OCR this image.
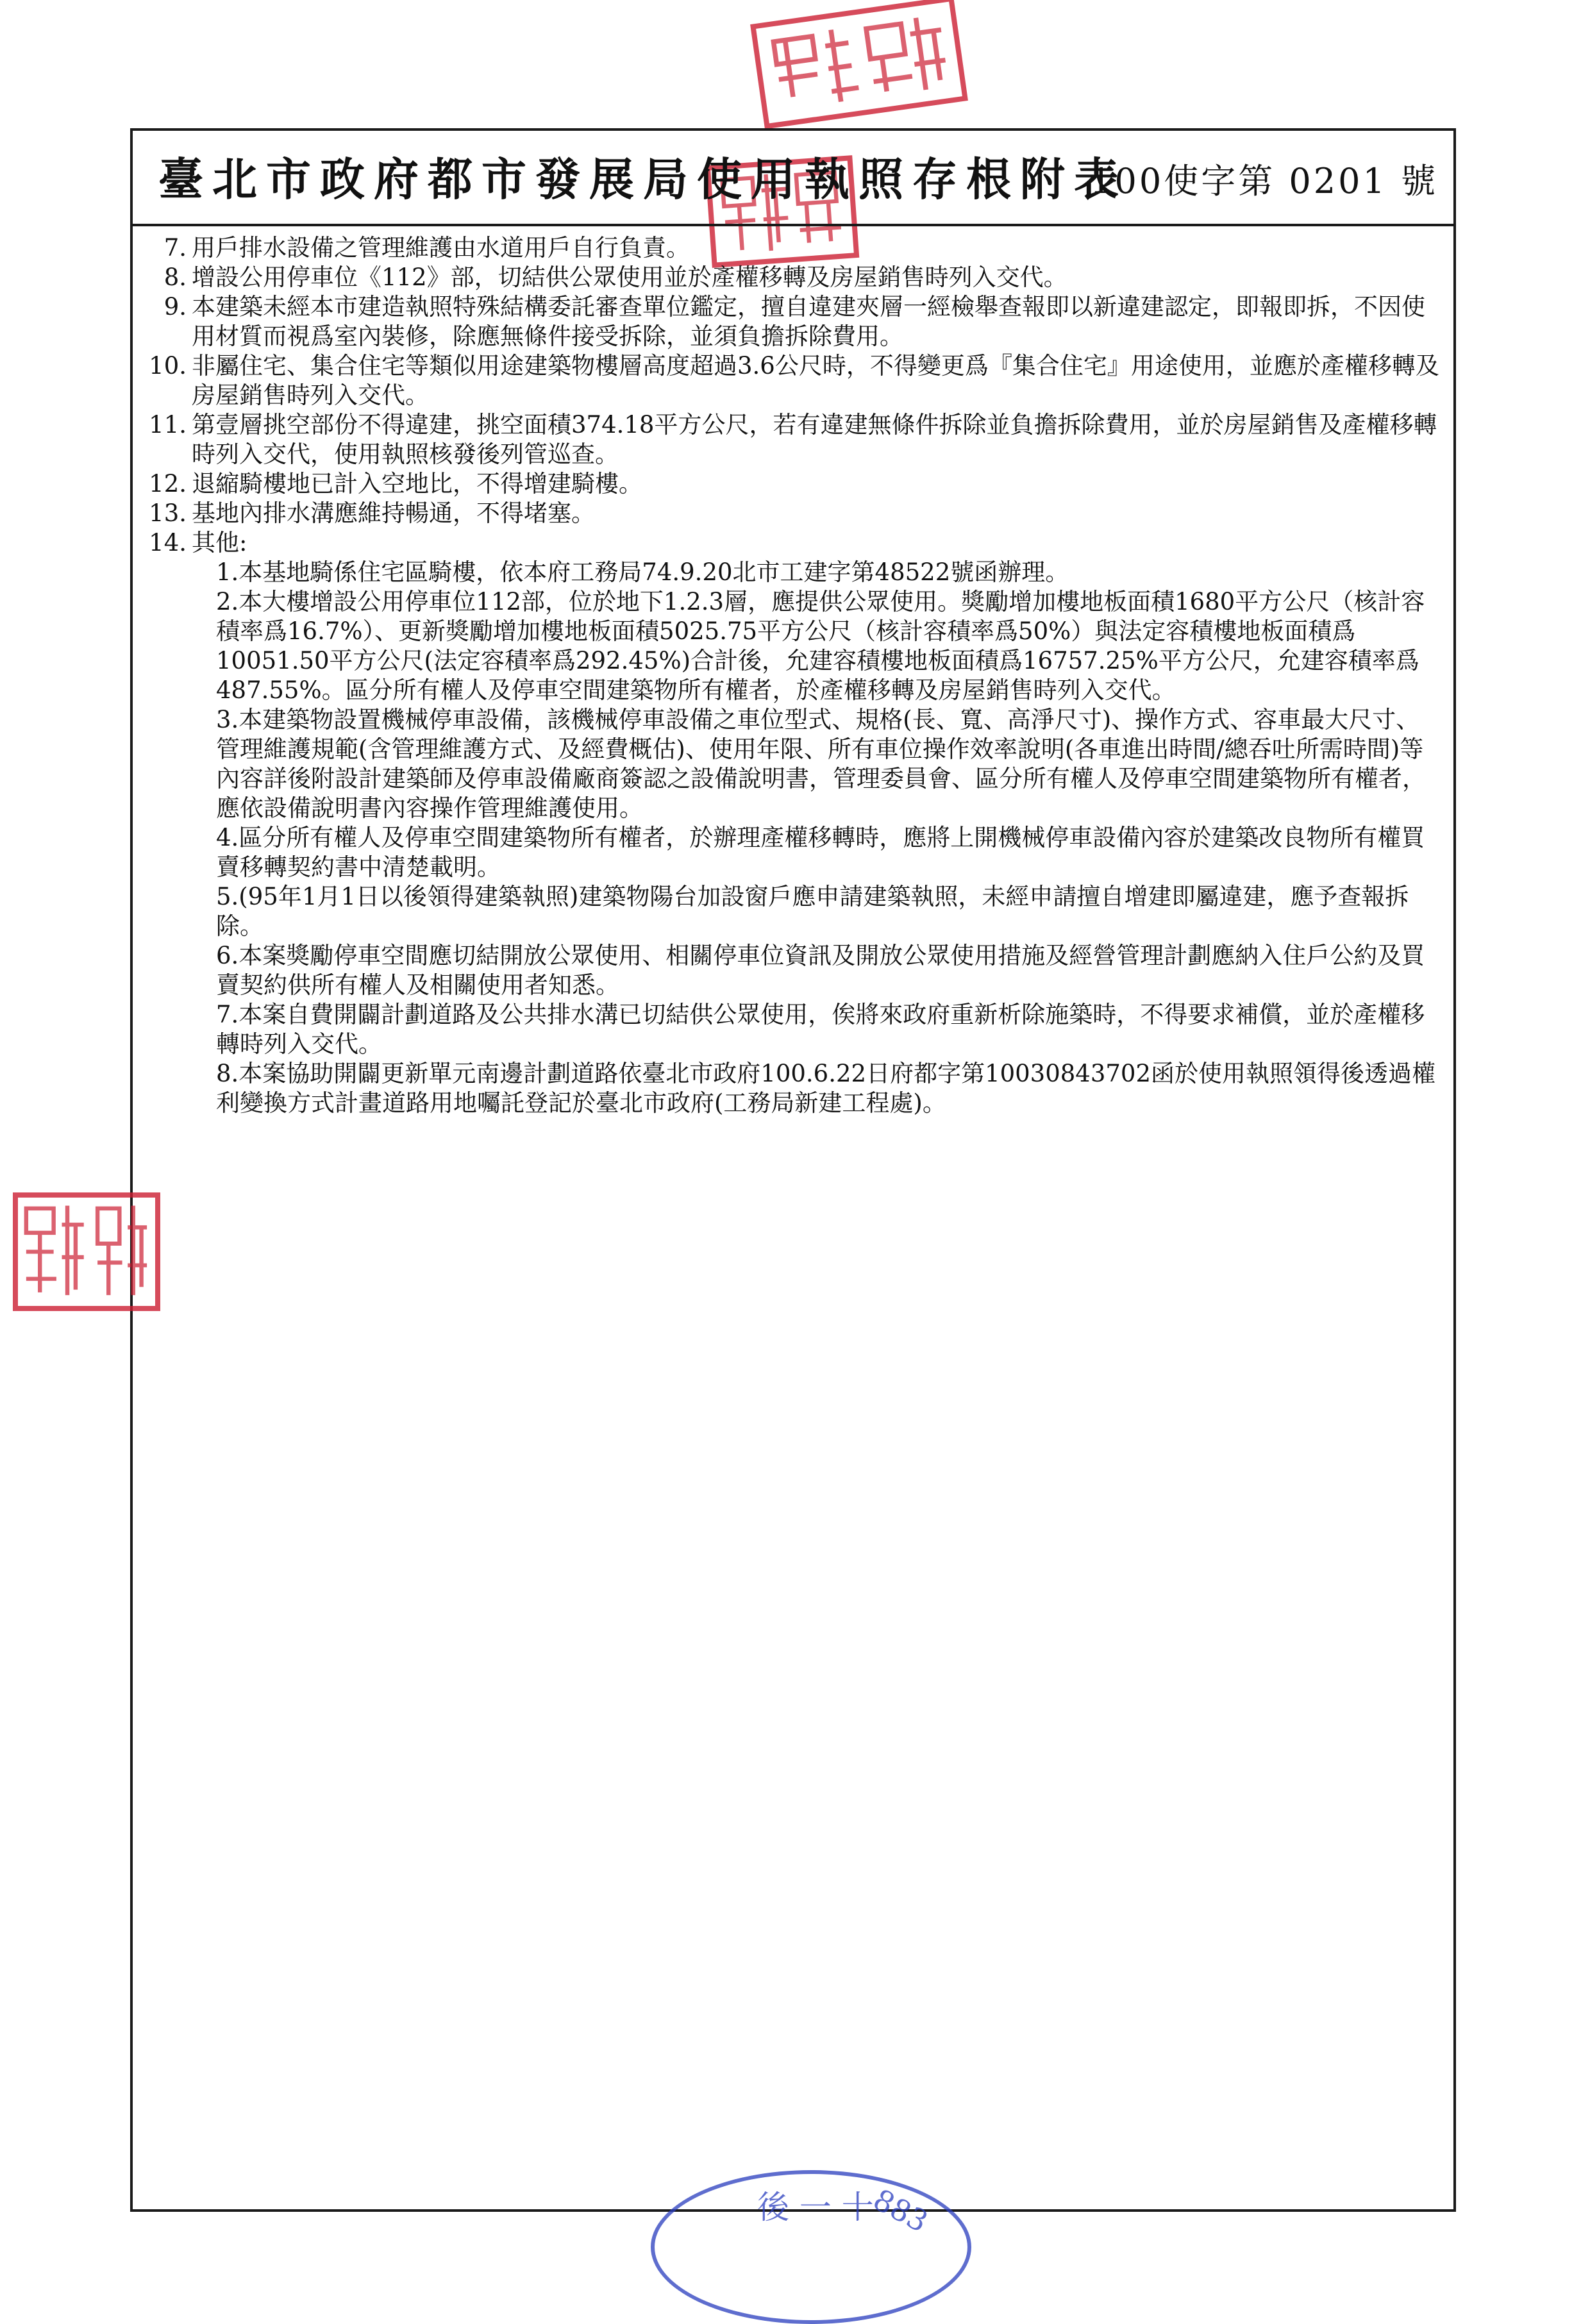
臺北市政府都市發展局使用執照存根附表
100使字第 0201 號
7. 用戶排水設備之管理維護由水道用戶自行負責。
8. 增設公用停車位《112》部，切結供公眾使用並於產權移轉及房屋銷售時列入交代。
9. 本建築未經本市建造執照特殊結構委託審查單位鑑定，擅自違建夾層一經檢舉查報即以新違建認定，即報即拆，不因使用材質而視爲室內裝修，除應無條件接受拆除，並須負擔拆除費用。
10. 非屬住宅、集合住宅等類似用途建築物樓層高度超過3.6公尺時，不得變更爲『集合住宅』用途使用，並應於產權移轉及房屋銷售時列入交代。
11. 第壹層挑空部份不得違建，挑空面積374.18平方公尺，若有違建無條件拆除並負擔拆除費用，並於房屋銷售及產權移轉時列入交代，使用執照核發後列管巡查。
12. 退縮騎樓地已計入空地比，不得增建騎樓。
13. 基地內排水溝應維持暢通，不得堵塞。
14. 其他:
1.本基地騎係住宅區騎樓，依本府工務局74.9.20北市工建字第48522號函辦理。
2.本大樓增設公用停車位112部，位於地下1.2.3層，應提供公眾使用。獎勵增加樓地板面積1680平方公尺（核計容積率爲16.7%）、更新獎勵增加樓地板面積5025.75平方公尺（核計容積率爲50%）與法定容積樓地板面積爲10051.50平方公尺(法定容積率爲292.45%)合計後，允建容積樓地板面積爲16757.25%平方公尺，允建容積率爲487.55%。區分所有權人及停車空間建築物所有權者，於產權移轉及房屋銷售時列入交代。
3.本建築物設置機械停車設備，該機械停車設備之車位型式、規格(長、寬、高淨尺寸)、操作方式、容車最大尺寸、管理維護規範(含管理維護方式、及經費概估)、使用年限、所有車位操作效率說明(各車進出時間/總吞吐所需時間)等內容詳後附設計建築師及停車設備廠商簽認之設備說明書，管理委員會、區分所有權人及停車空間建築物所有權者，應依設備說明書內容操作管理維護使用。
4.區分所有權人及停車空間建築物所有權者，於辦理產權移轉時，應將上開機械停車設備內容於建築改良物所有權買賣移轉契約書中清楚載明。
5.(95年1月1日以後領得建築執照)建築物陽台加設窗戶應申請建築執照，未經申請擅自增建即屬違建，應予查報拆除。
6.本案獎勵停車空間應切結開放公眾使用、相關停車位資訊及開放公眾使用措施及經營管理計劃應納入住戶公約及買賣契約供所有權人及相關使用者知悉。
7.本案自費開闢計劃道路及公共排水溝已切結供公眾使用，俟將來政府重新析除施築時，不得要求補償，並於產權移轉時列入交代。
8.本案協助開闢更新單元南邊計劃道路依臺北市政府100.6.22日府都字第10030843702函於使用執照領得後透過權利變換方式計畫道路用地囑託登記於臺北市政府(工務局新建工程處)。
後 一 十
883
